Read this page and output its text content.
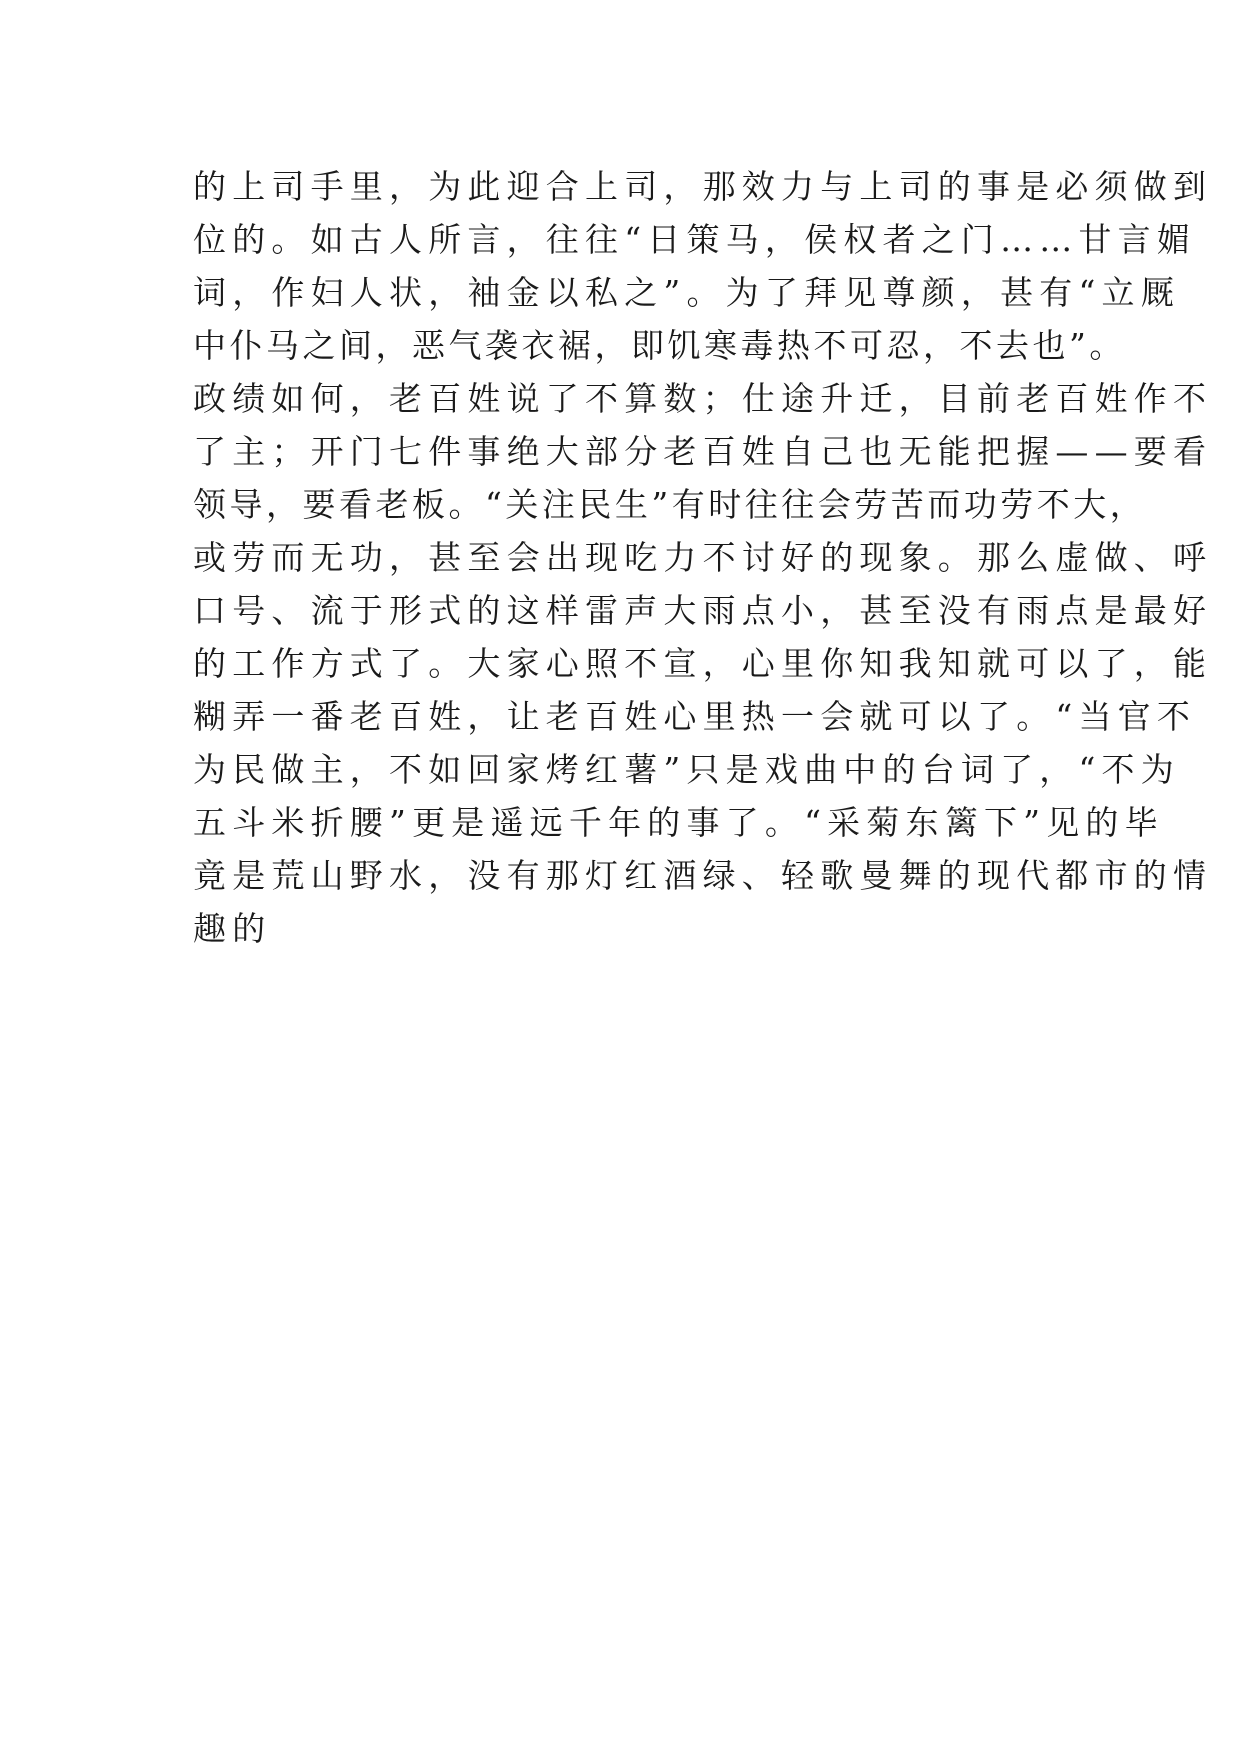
的上司手里，为此迎合上司，那效力与上司的事是必须做到
位的。如古人所言，往往“日策马，侯权者之门……甘言媚
词，作妇人状，袖金以私之”。为了拜见尊颜，甚有“立厩
中仆马之间，恶气袭衣裾，即饥寒毒热不可忍，不去也”。
政绩如何，老百姓说了不算数；仕途升迁，目前老百姓作不
了主；开门七件事绝大部分老百姓自己也无能把握——要看
领导，要看老板。“关注民生”有时往往会劳苦而功劳不大，
或劳而无功，甚至会出现吃力不讨好的现象。那么虚做、呼
口号、流于形式的这样雷声大雨点小，甚至没有雨点是最好
的工作方式了。大家心照不宣，心里你知我知就可以了，能
糊弄一番老百姓，让老百姓心里热一会就可以了。“当官不
为民做主，不如回家烤红薯”只是戏曲中的台词了，“不为
五斗米折腰”更是遥远千年的事了。“采菊东篱下”见的毕
竟是荒山野水，没有那灯红酒绿、轻歌曼舞的现代都市的情
趣的
